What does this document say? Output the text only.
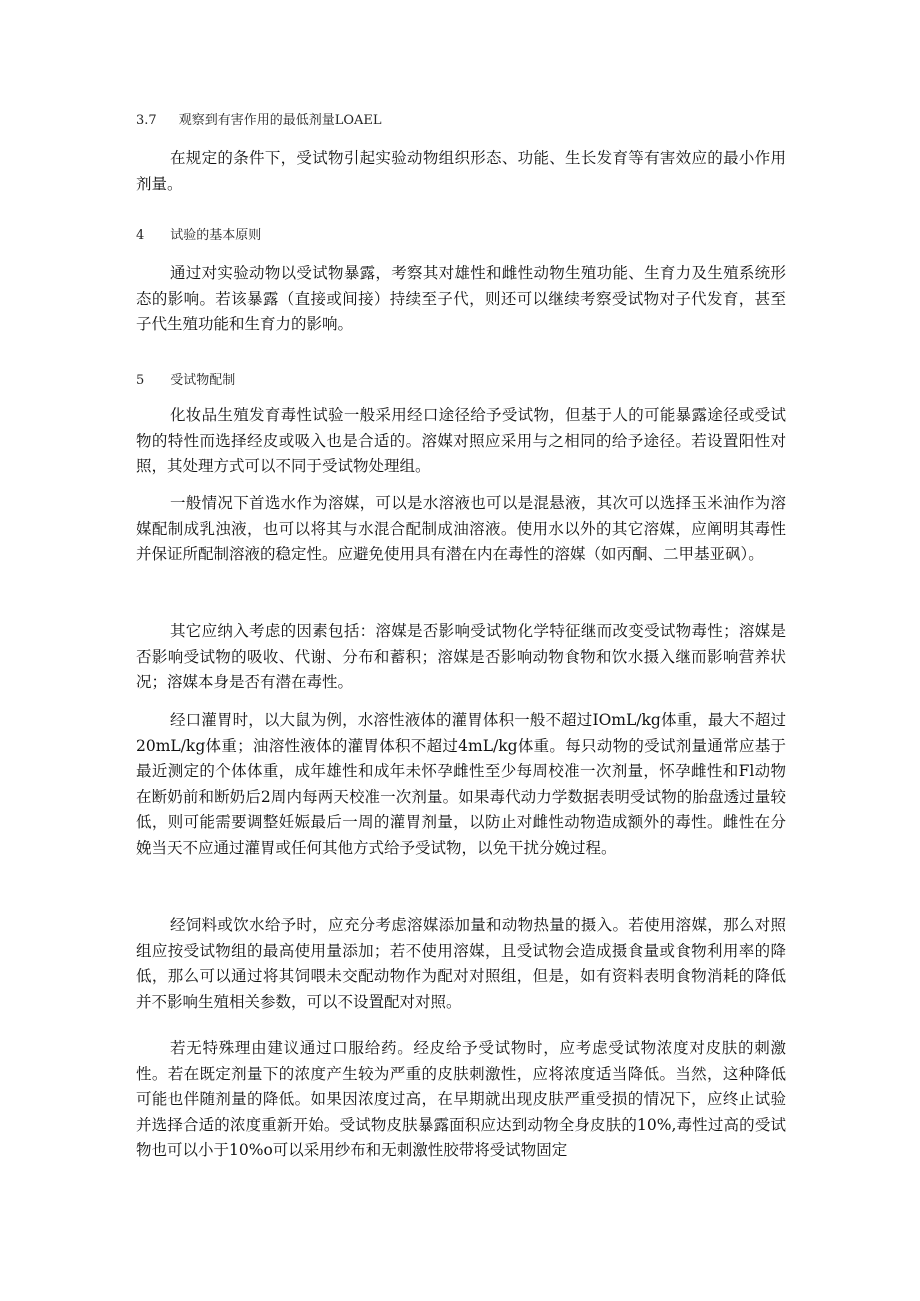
3.7 观察到有害作用的最低剂量LOAEL

在规定的条件下，受试物引起实验动物组织形态、功能、生长发育等有害效应的最小作用剂量。

4 试验的基本原则

通过对实验动物以受试物暴露，考察其对雄性和雌性动物生殖功能、生育力及生殖系统形态的影响。若该暴露（直接或间接）持续至子代，则还可以继续考察受试物对子代发育，甚至子代生殖功能和生育力的影响。

5 受试物配制

化妆品生殖发育毒性试验一般采用经口途径给予受试物，但基于人的可能暴露途径或受试物的特性而选择经皮或吸入也是合适的。溶媒对照应采用与之相同的给予途径。若设置阳性对照，其处理方式可以不同于受试物处理组。

一般情况下首选水作为溶媒，可以是水溶液也可以是混悬液，其次可以选择玉米油作为溶媒配制成乳浊液，也可以将其与水混合配制成油溶液。使用水以外的其它溶媒，应阐明其毒性并保证所配制溶液的稳定性。应避免使用具有潜在内在毒性的溶媒（如丙酮、二甲基亚砜）。

其它应纳入考虑的因素包括：溶媒是否影响受试物化学特征继而改变受试物毒性；溶媒是否影响受试物的吸收、代谢、分布和蓄积；溶媒是否影响动物食物和饮水摄入继而影响营养状况；溶媒本身是否有潜在毒性。

经口灌胃时，以大鼠为例，水溶性液体的灌胃体积一般不超过IOmL∕kg体重，最大不超过20mL/kg体重；油溶性液体的灌胃体积不超过4mL/kg体重。每只动物的受试剂量通常应基于最近测定的个体体重，成年雄性和成年未怀孕雌性至少每周校准一次剂量，怀孕雌性和Fl动物在断奶前和断奶后2周内每两天校准一次剂量。如果毒代动力学数据表明受试物的胎盘透过量较低，则可能需要调整妊娠最后一周的灌胃剂量，以防止对雌性动物造成额外的毒性。雌性在分娩当天不应通过灌胃或任何其他方式给予受试物，以免干扰分娩过程。

经饲料或饮水给予时，应充分考虑溶媒添加量和动物热量的摄入。若使用溶媒，那么对照组应按受试物组的最高使用量添加；若不使用溶媒，且受试物会造成摄食量或食物利用率的降低，那么可以通过将其饲喂未交配动物作为配对对照组，但是，如有资料表明食物消耗的降低并不影响生殖相关参数，可以不设置配对对照。

若无特殊理由建议通过口服给药。经皮给予受试物时，应考虑受试物浓度对皮肤的刺激性。若在既定剂量下的浓度产生较为严重的皮肤刺激性，应将浓度适当降低。当然，这种降低可能也伴随剂量的降低。如果因浓度过高，在早期就出现皮肤严重受损的情况下，应终止试验并选择合适的浓度重新开始。受试物皮肤暴露面积应达到动物全身皮肤的10%,毒性过高的受试物也可以小于10%o可以采用纱布和无刺激性胶带将受试物固定
